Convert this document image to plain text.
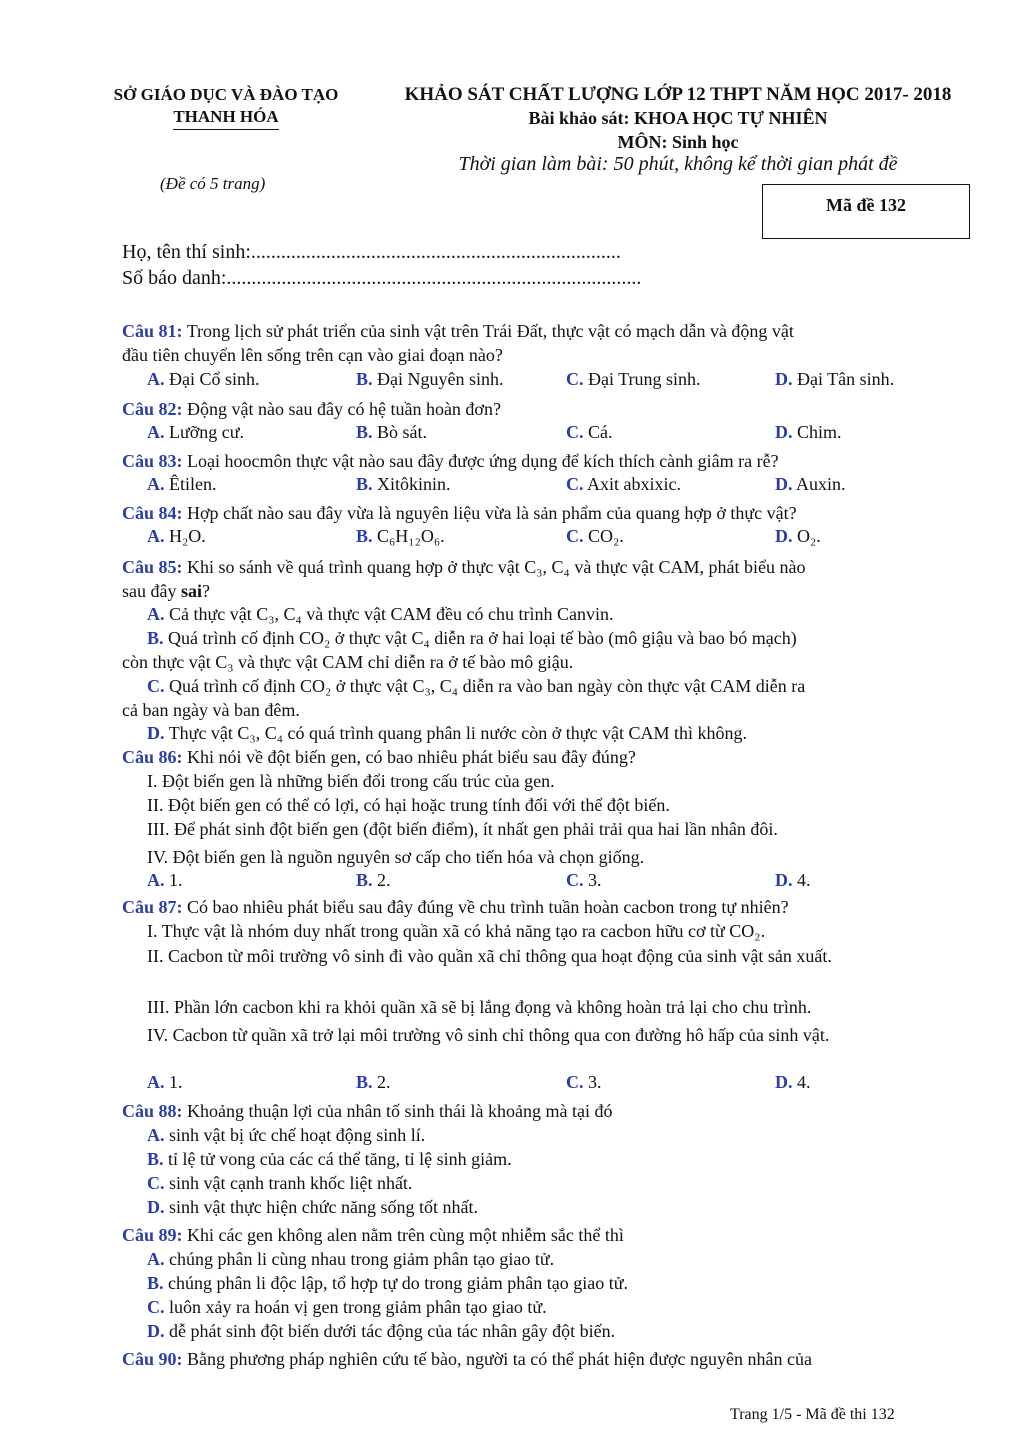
SỞ GIÁO DỤC VÀ ĐÀO TẠO
THANH HÓA
(Đề có 5 trang)
KHẢO SÁT CHẤT LƯỢNG LỚP 12 THPT NĂM HỌC 2017- 2018
Bài khảo sát: KHOA HỌC TỰ NHIÊN
MÔN: Sinh học
Thời gian làm bài: 50 phút, không kể thời gian phát đề
Mã đề 132
Họ, tên thí sinh:..........................................................................
Số báo danh:...................................................................................
Câu 81: Trong lịch sử phát triển của sinh vật trên Trái Đất, thực vật có mạch dẫn và động vật
đầu tiên chuyển lên sống trên cạn vào giai đoạn nào?
A. Đại Cổ sinh.	B. Đại Nguyên sinh.	C. Đại Trung sinh.	D. Đại Tân sinh.
Câu 82: Động vật nào sau đây có hệ tuần hoàn đơn?
A. Lưỡng cư.	B. Bò sát.	C. Cá.	D. Chim.
Câu 83: Loại hoocmôn thực vật nào sau đây được ứng dụng để kích thích cành giâm ra rễ?
A. Êtilen.	B. Xitôkinin.	C. Axit abxixic.	D. Auxin.
Câu 84: Hợp chất nào sau đây vừa là nguyên liệu vừa là sản phẩm của quang hợp ở thực vật?
A. H₂O.	B. C₆H₁₂O₆.	C. CO₂.	D. O₂.
Câu 85: Khi so sánh về quá trình quang hợp ở thực vật C₃, C₄ và thực vật CAM, phát biểu nào
sau đây sai?
A. Cả thực vật C₃, C₄ và thực vật CAM đều có chu trình Canvin.
B. Quá trình cố định CO₂ ở thực vật C₄ diễn ra ở hai loại tế bào (mô giậu và bao bó mạch)
còn thực vật C₃ và thực vật CAM chỉ diễn ra ở tế bào mô giậu.
C. Quá trình cố định CO₂ ở thực vật C₃, C₄ diễn ra vào ban ngày còn thực vật CAM diễn ra
cả ban ngày và ban đêm.
D. Thực vật C₃, C₄ có quá trình quang phân li nước còn ở thực vật CAM thì không.
Câu 86: Khi nói về đột biến gen, có bao nhiêu phát biểu sau đây đúng?
I. Đột biến gen là những biến đổi trong cấu trúc của gen.
II. Đột biến gen có thể có lợi, có hại hoặc trung tính đối với thể đột biến.
III. Để phát sinh đột biến gen (đột biến điểm), ít nhất gen phải trải qua hai lần nhân đôi.
IV. Đột biến gen là nguồn nguyên sơ cấp cho tiến hóa và chọn giống.
A. 1.	B. 2.	C. 3.	D. 4.
Câu 87: Có bao nhiêu phát biểu sau đây đúng về chu trình tuần hoàn cacbon trong tự nhiên?
I. Thực vật là nhóm duy nhất trong quần xã có khả năng tạo ra cacbon hữu cơ từ CO₂.
II. Cacbon từ môi trường vô sinh đi vào quần xã chỉ thông qua hoạt động của sinh vật sản xuất.
III. Phần lớn cacbon khi ra khỏi quần xã sẽ bị lắng đọng và không hoàn trả lại cho chu trình.
IV. Cacbon từ quần xã trở lại môi trường vô sinh chỉ thông qua con đường hô hấp của sinh vật.
A. 1.	B. 2.	C. 3.	D. 4.
Câu 88: Khoảng thuận lợi của nhân tố sinh thái là khoảng mà tại đó
A. sinh vật bị ức chế hoạt động sinh lí.
B. tỉ lệ tử vong của các cá thể tăng, tỉ lệ sinh giảm.
C. sinh vật cạnh tranh khốc liệt nhất.
D. sinh vật thực hiện chức năng sống tốt nhất.
Câu 89: Khi các gen không alen nằm trên cùng một nhiễm sắc thể thì
A. chúng phân li cùng nhau trong giảm phân tạo giao tử.
B. chúng phân li độc lập, tổ hợp tự do trong giảm phân tạo giao tử.
C. luôn xảy ra hoán vị gen trong giảm phân tạo giao tử.
D. dễ phát sinh đột biến dưới tác động của tác nhân gây đột biến.
Câu 90: Bằng phương pháp nghiên cứu tế bào, người ta có thể phát hiện được nguyên nhân của
Trang 1/5 - Mã đề thi 132
